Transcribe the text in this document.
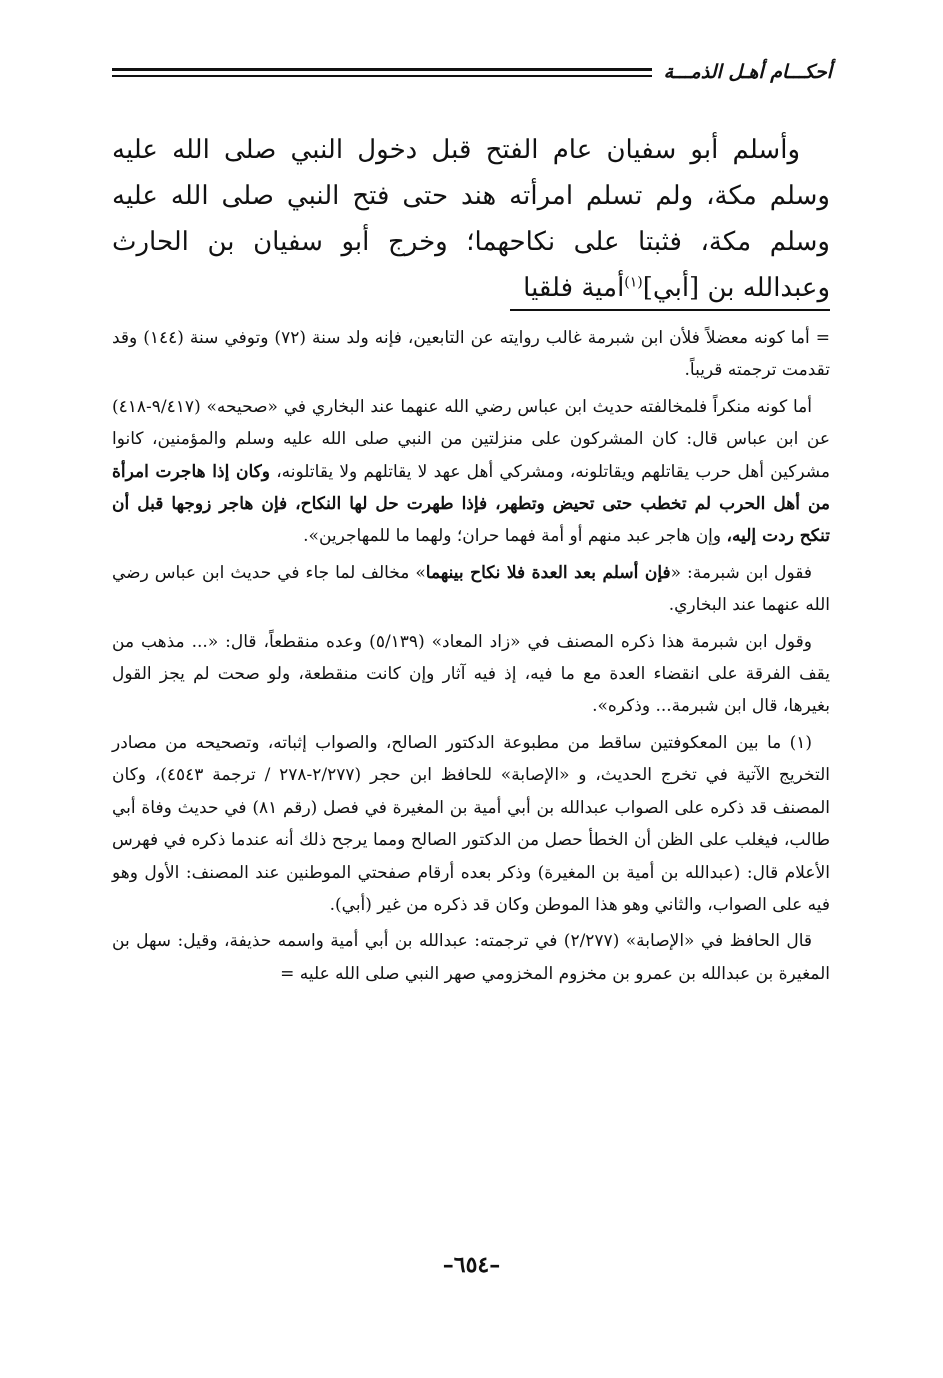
أحكـــام أهـل الذمـــة

وأسلم أبو سفيان عام الفتح قبل دخول النبي صلى الله عليه وسلم مكة، ولم تسلم امرأته هند حتى فتح النبي صلى الله عليه وسلم مكة، فثبتا على نكاحهما؛ وخرج أبو سفيان بن الحارث وعبدالله بن [أبي]$^{(١)}$أمية فلقيا

= أما كونه معضلاً فلأن ابن شبرمة غالب روايته عن التابعين، فإنه ولد سنة (٧٢) وتوفي سنة (١٤٤) وقد تقدمت ترجمته قريباً.

أما كونه منكراً فلمخالفته حديث ابن عباس رضي الله عنهما عند البخاري في «صحيحه» (٩/٤١٧-٤١٨) عن ابن عباس قال: كان المشركون على منزلتين من النبي صلى الله عليه وسلم والمؤمنين، كانوا مشركين أهل حرب يقاتلهم ويقاتلونه، ومشركي أهل عهد لا يقاتلهم ولا يقاتلونه، وكان إذا هاجرت امرأة من أهل الحرب لم تخطب حتى تحيض وتطهر، فإذا طهرت حل لها النكاح، فإن هاجر زوجها قبل أن تنكح ردت إليه، وإن هاجر عبد منهم أو أمة فهما حران؛ ولهما ما للمهاجرين».

فقول ابن شبرمة: «فإن أسلم بعد العدة فلا نكاح بينهما» مخالف لما جاء في حديث ابن عباس رضي الله عنهما عند البخاري.

وقول ابن شبرمة هذا ذكره المصنف في «زاد المعاد» (٥/١٣٩) وعده منقطعاً، قال: «... مذهب من يقف الفرقة على انقضاء العدة مع ما فيه، إذ فيه آثار وإن كانت منقطعة، ولو صحت لم يجز القول بغيرها، قال ابن شبرمة... وذكره».

(١) ما بين المعكوفتين ساقط من مطبوعة الدكتور الصالح، والصواب إثباته، وتصحيحه من مصادر التخريج الآتية في تخرج الحديث، و «الإصابة» للحافظ ابن حجر (٢/٢٧٧-٢٧٨ / ترجمة ٤٥٤٣)، وكان المصنف قد ذكره على الصواب عبدالله بن أبي أمية بن المغيرة في فصل (رقم ٨١) في حديث وفاة أبي طالب، فيغلب على الظن أن الخطأ حصل من الدكتور الصالح ومما يرجح ذلك أنه عندما ذكره في فهرس الأعلام قال: (عبدالله بن أمية بن المغيرة) وذكر بعده أرقام صفحتي الموطنين عند المصنف: الأول وهو فيه على الصواب، والثاني وهو هذا الموطن وكان قد ذكره من غير (أبي).

قال الحافظ في «الإصابة» (٢/٢٧٧) في ترجمته: عبدالله بن أبي أمية واسمه حذيفة، وقيل: سهل بن المغيرة بن عبدالله بن عمرو بن مخزوم المخزومي صهر النبي صلى الله عليه =

–٦٥٤–
